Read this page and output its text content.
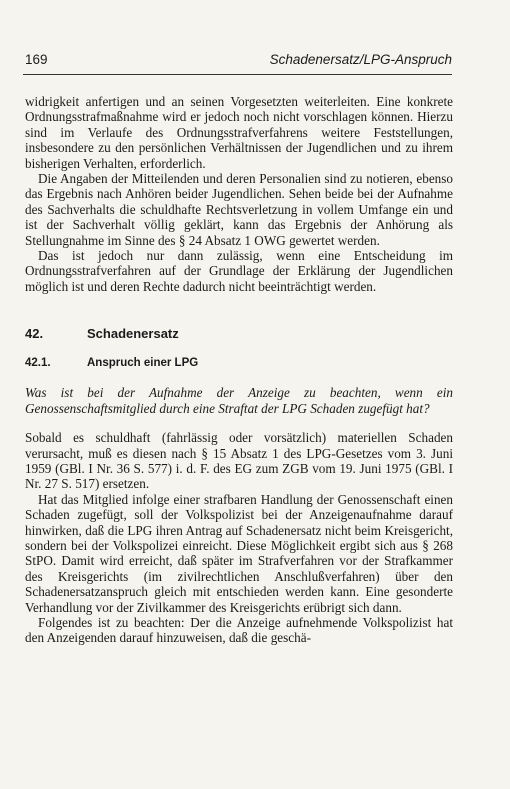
169	Schadenersatz/LPG-Anspruch

widrigkeit anfertigen und an seinen Vorgesetzten weiterleiten. Eine konkrete Ordnungsstrafmaßnahme wird er jedoch noch nicht vorschlagen können. Hierzu sind im Verlaufe des Ordnungsstrafverfahrens weitere Feststellungen, insbesondere zu den persönlichen Verhältnissen der Jugendlichen und zu ihrem bisherigen Verhalten, erforderlich.

Die Angaben der Mitteilenden und deren Personalien sind zu notieren, ebenso das Ergebnis nach Anhören beider Jugendlichen. Sehen beide bei der Aufnahme des Sachverhalts die schuldhafte Rechtsverletzung in vollem Umfange ein und ist der Sachverhalt völlig geklärt, kann das Ergebnis der Anhörung als Stellungnahme im Sinne des § 24 Absatz 1 OWG gewertet werden.

Das ist jedoch nur dann zulässig, wenn eine Entscheidung im Ordnungsstrafverfahren auf der Grundlage der Erklärung der Jugendlichen möglich ist und deren Rechte dadurch nicht beeinträchtigt werden.

42.	Schadenersatz
42.1.	Anspruch einer LPG
Was ist bei der Aufnahme der Anzeige zu beachten, wenn ein Genossenschaftsmitglied durch eine Straftat der LPG Schaden zugefügt hat?

Sobald es schuldhaft (fahrlässig oder vorsätzlich) materiellen Schaden verursacht, muß es diesen nach § 15 Absatz 1 des LPG-Gesetzes vom 3. Juni 1959 (GBl. I Nr. 36 S. 577) i. d. F. des EG zum ZGB vom 19. Juni 1975 (GBl. I Nr. 27 S. 517) ersetzen.

Hat das Mitglied infolge einer strafbaren Handlung der Genossenschaft einen Schaden zugefügt, soll der Volkspolizist bei der Anzeigenaufnahme darauf hinwirken, daß die LPG ihren Antrag auf Schadenersatz nicht beim Kreisgericht, sondern bei der Volkspolizei einreicht. Diese Möglichkeit ergibt sich aus § 268 StPO. Damit wird erreicht, daß später im Strafverfahren vor der Strafkammer des Kreisgerichts (im zivilrechtlichen Anschlußverfahren) über den Schadenersatzanspruch gleich mit entschieden werden kann. Eine gesonderte Verhandlung vor der Zivilkammer des Kreisgerichts erübrigt sich dann.

Folgendes ist zu beachten: Der die Anzeige aufnehmende Volkspolizist hat den Anzeigenden darauf hinzuweisen, daß die geschä-
